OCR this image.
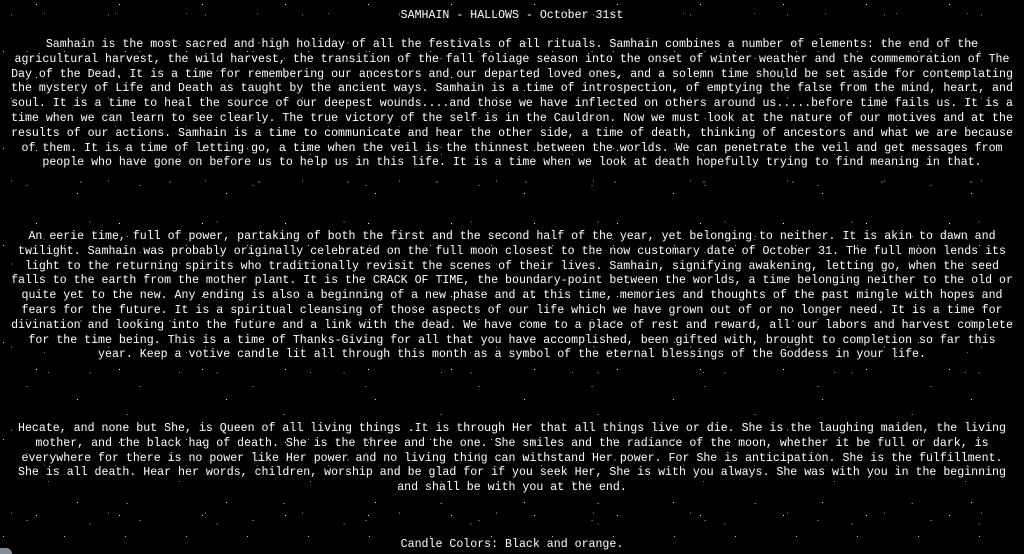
SAMHAIN - HALLOWS - October 31st

Samhain is the most sacred and high holiday of all the festivals of all rituals. Samhain combines a number of elements: the end of the agricultural harvest, the wild harvest, the transition of the fall foliage season into the onset of winter weather and the commemoration of The Day of the Dead. It is a time for remembering our ancestors and our departed loved ones, and a solemn time should be set aside for contemplating the mystery of Life and Death as taught by the ancient ways. Samhain is a time of introspection, of emptying the false from the mind, heart, and soul. It is a time to heal the source of our deepest wounds....and those we have inflected on others around us.....before time fails us. It is a time when we can learn to see clearly. The true victory of the self is in the Cauldron. Now we must look at the nature of our motives and at the results of our actions. Samhain is a time to communicate and hear the other side, a time of death, thinking of ancestors and what we are because of them. It is a time of letting go, a time when the veil is the thinnest between the worlds. We can penetrate the veil and get messages from people who have gone on before us to help us in this life. It is a time when we look at death hopefully trying to find meaning in that.

An eerie time, full of power, partaking of both the first and the second half of the year, yet belonging to neither. It is akin to dawn and twilight. Samhain was probably originally celebrated on the full moon closest to the now customary date of October 31. The full moon lends its light to the returning spirits who traditionally revisit the scenes of their lives. Samhain, signifying awakening, letting go, when the seed falls to the earth from the mother plant. It is the CRACK OF TIME, the boundary-point between the worlds, a time belonging neither to the old or quite yet to the new. Any ending is also a beginning of a new phase and at this time, memories and thoughts of the past mingle with hopes and fears for the future. It is a spiritual cleansing of those aspects of our life which we have grown out of or no longer need. It is a time for divination and looking into the future and a link with the dead. We have come to a place of rest and reward, all our labors and harvest complete for the time being. This is a time of Thanks-Giving for all that you have accomplished, been gifted with, brought to completion so far this year. Keep a votive candle lit all through this month as a symbol of the eternal blessings of the Goddess in your life.

Hecate, and none but She, is Queen of all living things .It is through Her that all things live or die. She is the laughing maiden, the living mother, and the black hag of death. She is the three and the one. She smiles and the radiance of the moon, whether it be full or dark, is everywhere for there is no power like Her power and no living thing can withstand Her power. For She is anticipation. She is the fulfillment. She is all death. Hear her words, children, worship and be glad for if you seek Her, She is with you always. She was with you in the beginning and shall be with you at the end.

Candle Colors: Black and orange.
